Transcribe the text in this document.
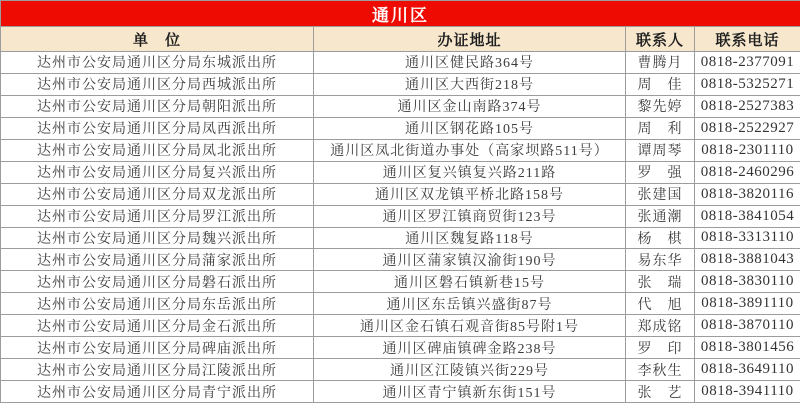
通川区			
单　位	办证地址	联系人	联系电话
达州市公安局通川区分局东城派出所	通川区健民路364号	曹腾月	0818-2377091
达州市公安局通川区分局西城派出所	通川区大西街218号	周　佳	0818-5325271
达州市公安局通川区分局朝阳派出所	通川区金山南路374号	黎先婷	0818-2527383
达州市公安局通川区分局凤西派出所	通川区钢花路105号	周　利	0818-2522927
达州市公安局通川区分局凤北派出所	通川区凤北街道办事处（高家坝路511号）	谭周琴	0818-2301110
达州市公安局通川区分局复兴派出所	通川区复兴镇复兴路211路	罗　强	0818-2460296
达州市公安局通川区分局双龙派出所	通川区双龙镇平桥北路158号	张建国	0818-3820116
达州市公安局通川区分局罗江派出所	通川区罗江镇商贸街123号	张通潮	0818-3841054
达州市公安局通川区分局魏兴派出所	通川区魏复路118号	杨　棋	0818-3313110
达州市公安局通川区分局蒲家派出所	通川区蒲家镇汉渝街190号	易东华	0818-3881043
达州市公安局通川区分局磐石派出所	通川区磐石镇新巷15号	张　瑞	0818-3830110
达州市公安局通川区分局东岳派出所	通川区东岳镇兴盛街87号	代　旭	0818-3891110
达州市公安局通川区分局金石派出所	通川区金石镇石观音街85号附1号	郑成铭	0818-3870110
达州市公安局通川区分局碑庙派出所	通川区碑庙镇碑金路238号	罗　印	0818-3801456
达州市公安局通川区分局江陵派出所	通川区江陵镇兴街229号	李秋生	0818-3649110
达州市公安局通川区分局青宁派出所	通川区青宁镇新东街151号	张　艺	0818-3941110
